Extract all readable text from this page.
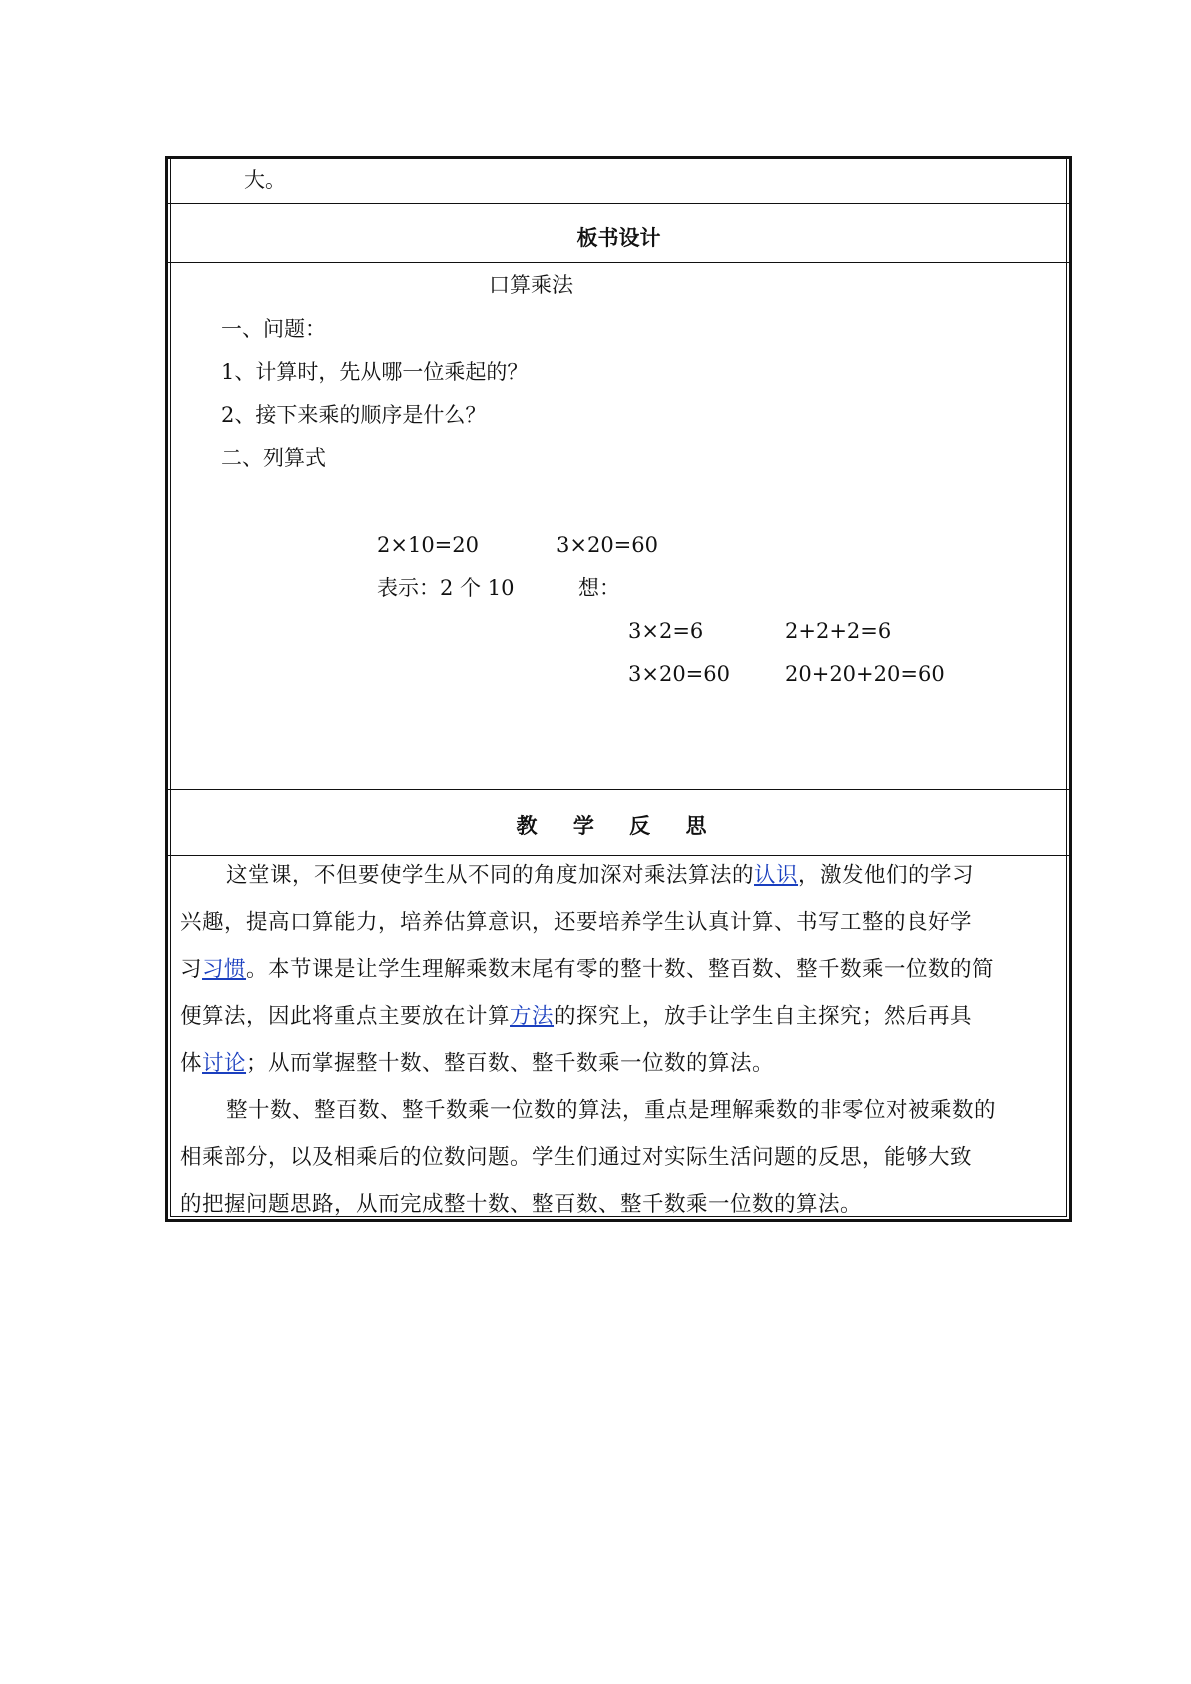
大。
板书设计
口算乘法
一、问题：
1、计算时，先从哪一位乘起的？
2、接下来乘的顺序是什么？
二、列算式
2×10=20	3×20=60
表示：2 个 10	想：
3×2=6	2+2+2=6
3×20=60	20+20+20=60
教 学 反 思
这堂课，不但要使学生从不同的角度加深对乘法算法的认识，激发他们的学习
兴趣，提高口算能力，培养估算意识，还要培养学生认真计算、书写工整的良好学
习习惯。本节课是让学生理解乘数末尾有零的整十数、整百数、整千数乘一位数的简
便算法，因此将重点主要放在计算方法的探究上，放手让学生自主探究；然后再具
体讨论；从而掌握整十数、整百数、整千数乘一位数的算法。
整十数、整百数、整千数乘一位数的算法，重点是理解乘数的非零位对被乘数的
相乘部分，以及相乘后的位数问题。学生们通过对实际生活问题的反思，能够大致
的把握问题思路，从而完成整十数、整百数、整千数乘一位数的算法。
